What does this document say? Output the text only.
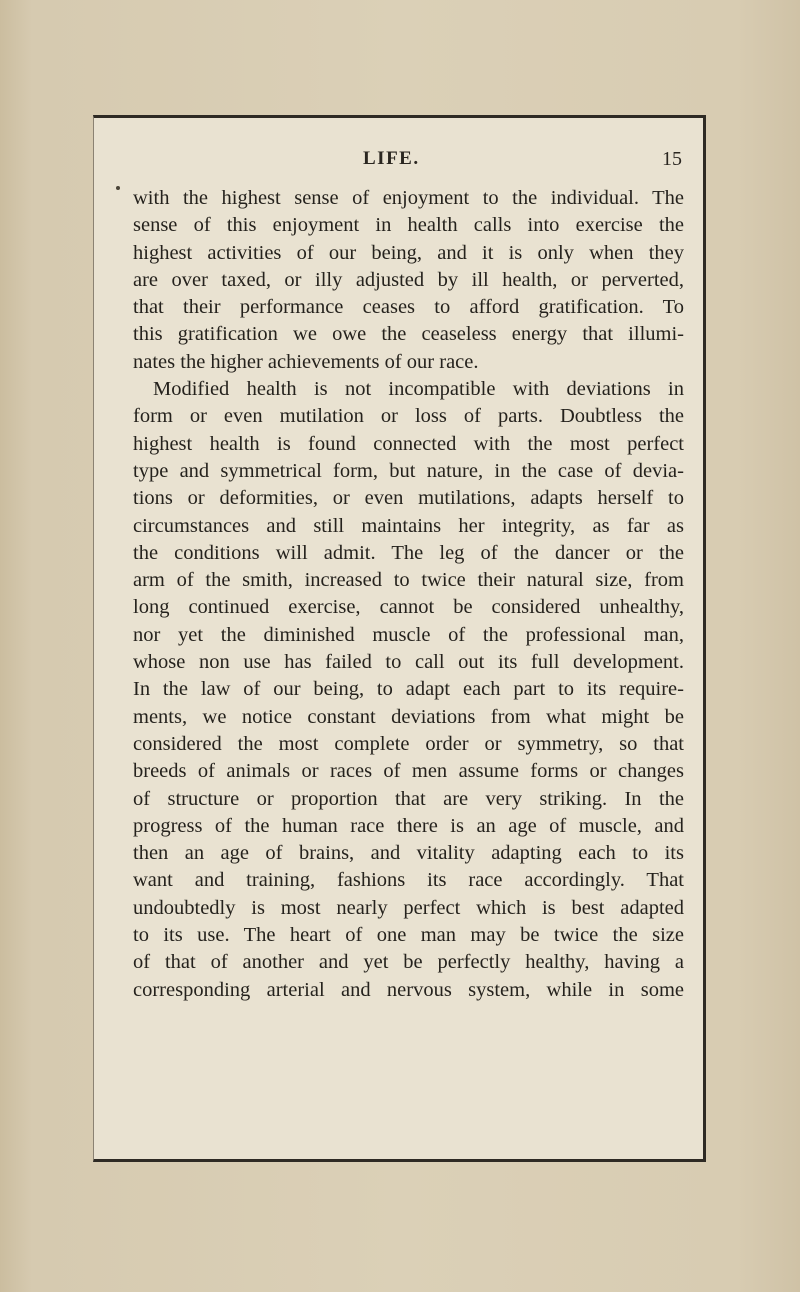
LIFE.	15

with the highest sense of enjoyment to the individual. The
sense of this enjoyment in health calls into exercise the
highest activities of our being, and it is only when they
are over taxed, or illy adjusted by ill health, or perverted,
that their performance ceases to afford gratification. To
this gratification we owe the ceaseless energy that illumi-
nates the higher achievements of our race.

Modified health is not incompatible with deviations in
form or even mutilation or loss of parts. Doubtless the
highest health is found connected with the most perfect
type and symmetrical form, but nature, in the case of devia-
tions or deformities, or even mutilations, adapts herself to
circumstances and still maintains her integrity, as far as
the conditions will admit. The leg of the dancer or the
arm of the smith, increased to twice their natural size, from
long continued exercise, cannot be considered unhealthy,
nor yet the diminished muscle of the professional man,
whose non use has failed to call out its full development.
In the law of our being, to adapt each part to its require-
ments, we notice constant deviations from what might be
considered the most complete order or symmetry, so that
breeds of animals or races of men assume forms or changes
of structure or proportion that are very striking. In the
progress of the human race there is an age of muscle, and
then an age of brains, and vitality adapting each to its
want and training, fashions its race accordingly. That
undoubtedly is most nearly perfect which is best adapted
to its use. The heart of one man may be twice the size
of that of another and yet be perfectly healthy, having a
corresponding arterial and nervous system, while in some
